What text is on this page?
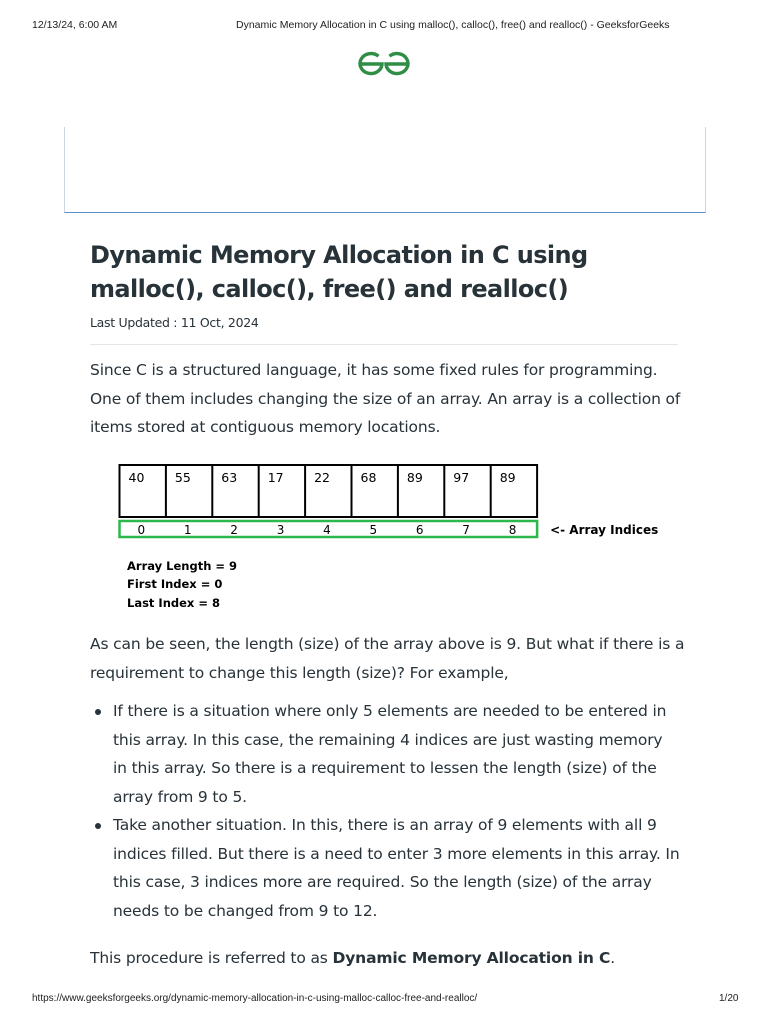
12/13/24, 6:00 AM	Dynamic Memory Allocation in C using malloc(), calloc(), free() and realloc() - GeeksforGeeks
Dynamic Memory Allocation in C using malloc(), calloc(), free() and realloc()
Last Updated : 11 Oct, 2024

Since C is a structured language, it has some fixed rules for programming. One of them includes changing the size of an array. An array is a collection of items stored at contiguous memory locations.

40 55 63 17 22 68 89 97 89
0	1	2	3	4	5	6	7	8	<- Array Indices
Array Length = 9
First Index = 0
Last Index = 8

As can be seen, the length (size) of the array above is 9. But what if there is a requirement to change this length (size)? For example,

If there is a situation where only 5 elements are needed to be entered in this array. In this case, the remaining 4 indices are just wasting memory in this array. So there is a requirement to lessen the length (size) of the array from 9 to 5.
Take another situation. In this, there is an array of 9 elements with all 9 indices filled. But there is a need to enter 3 more elements in this array. In this case, 3 indices more are required. So the length (size) of the array needs to be changed from 9 to 12.

This procedure is referred to as Dynamic Memory Allocation in C.

https://www.geeksforgeeks.org/dynamic-memory-allocation-in-c-using-malloc-calloc-free-and-realloc/	1/20
